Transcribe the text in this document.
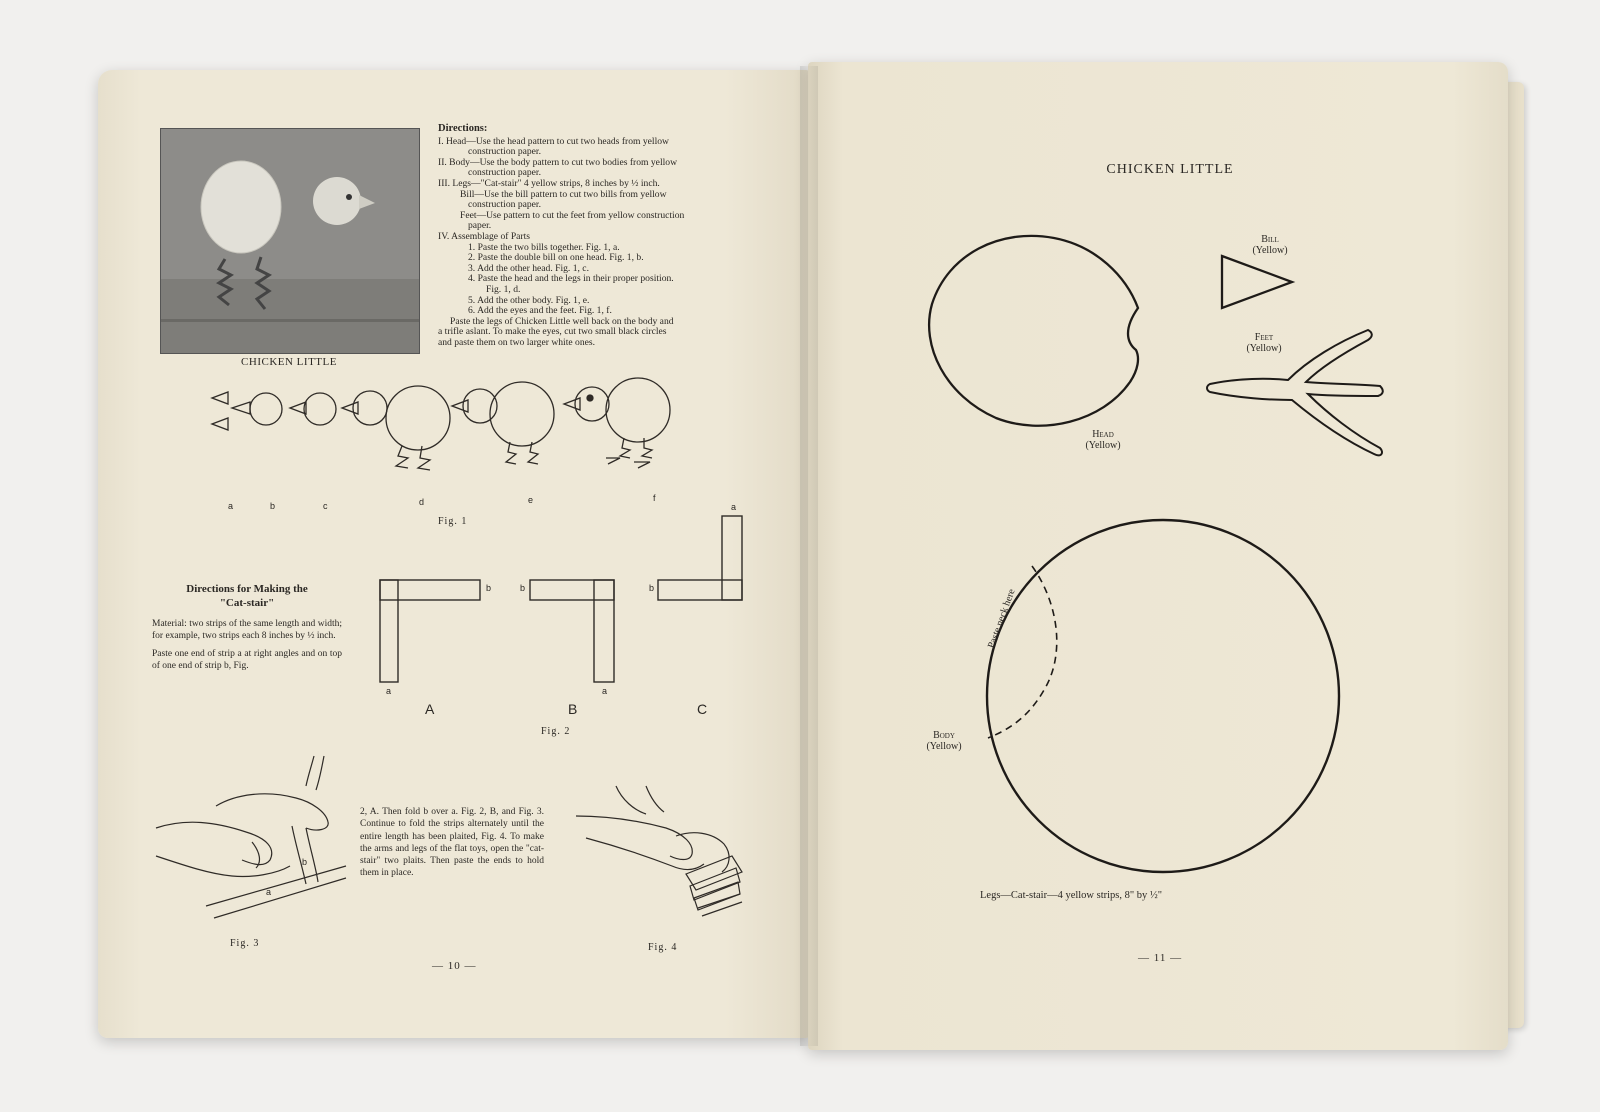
CHICKEN LITTLE
Directions:
I. Head—Use the head pattern to cut two heads from yellow
construction paper.
II. Body—Use the body pattern to cut two bodies from yellow
construction paper.
III. Legs—"Cat-stair" 4 yellow strips, 8 inches by ½ inch.
Bill—Use the bill pattern to cut two bills from yellow
construction paper.
Feet—Use pattern to cut the feet from yellow construction
paper.
IV. Assemblage of Parts
1. Paste the two bills together. Fig. 1, a.
2. Paste the double bill on one head. Fig. 1, b.
3. Add the other head. Fig. 1, c.
4. Paste the head and the legs in their proper position.
Fig. 1, d.
5. Add the other body. Fig. 1, e.
6. Add the eyes and the feet. Fig. 1, f.
Paste the legs of Chicken Little well back on the body and
a trifle aslant. To make the eyes, cut two small black circles
and paste them on two larger white ones.
a	b	c	d	e	f
Fig. 1
Directions for Making the
"Cat-stair"

Material: two strips of the same length and width; for example, two strips each 8 inches by ½ inch.

Paste one end of strip a at right angles and on top of one end of strip b, Fig.

b
a
A
b
a
B
b
a
C
Fig. 2
a
b
Fig. 3
2, A. Then fold b over a. Fig. 2, B, and Fig. 3. Continue to fold the strips alternately until the entire length has been plaited, Fig. 4. To make the arms and legs of the flat toys, open the "cat-stair" two plaits. Then paste the ends to hold them in place.
Fig. 4
— 10 —
CHICKEN LITTLE
Head
(Yellow)
Bill
(Yellow)
Feet
(Yellow)
Paste neck here
Body
(Yellow)
Legs—Cat-stair—4 yellow strips, 8" by ½"
— 11 —
